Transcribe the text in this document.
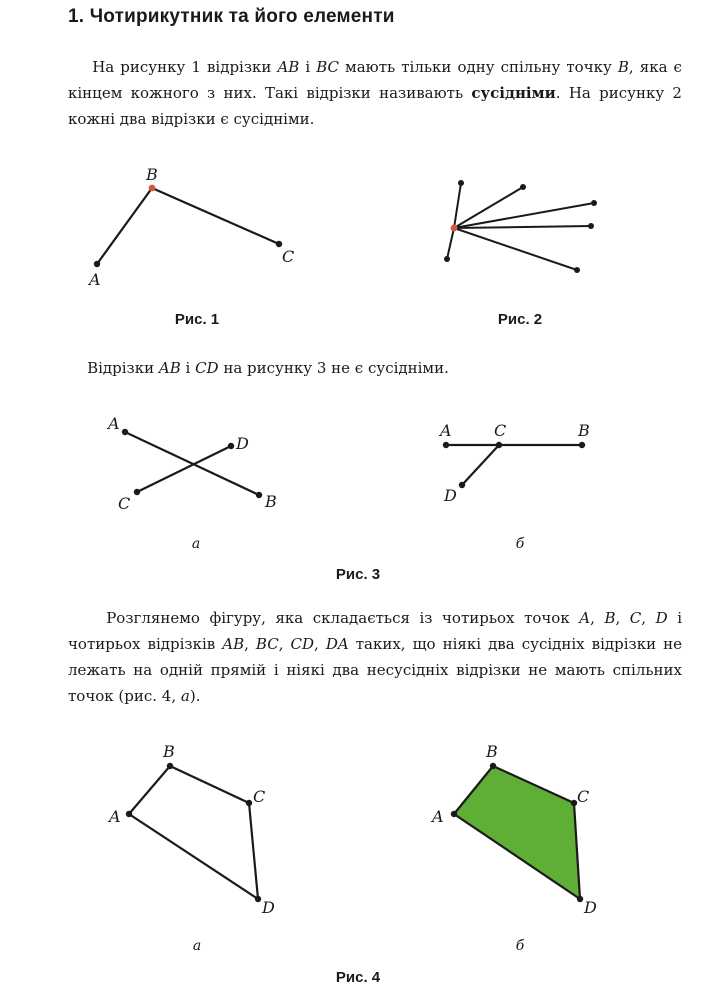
1. Чотирикутник та його елементи

На рисунку 1 відрізки AB і BC мають тільки одну спільну точку B, яка є кінцем кожного з них. Такі відрізки називають сусідніми. На рисунку 2 кожні два відрізки є сусідніми.

A
B
C
Рис. 1	Рис. 2

Відрізки AB і CD на рисунку 3 не є сусідніми.

A
B
C
D
A	C	B
D
а	б
Рис. 3

Розглянемо фігуру, яка складається із чотирьох точок A, B, C, D і чотирьох відрізків AB, BC, CD, DA таких, що ніякі два сусідніх відрізки не лежать на одній прямій і ніякі два несусідніх відрізки не мають спільних точок (рис. 4, а).

A
B
C
D
A
B
C
D
а	б
Рис. 4
